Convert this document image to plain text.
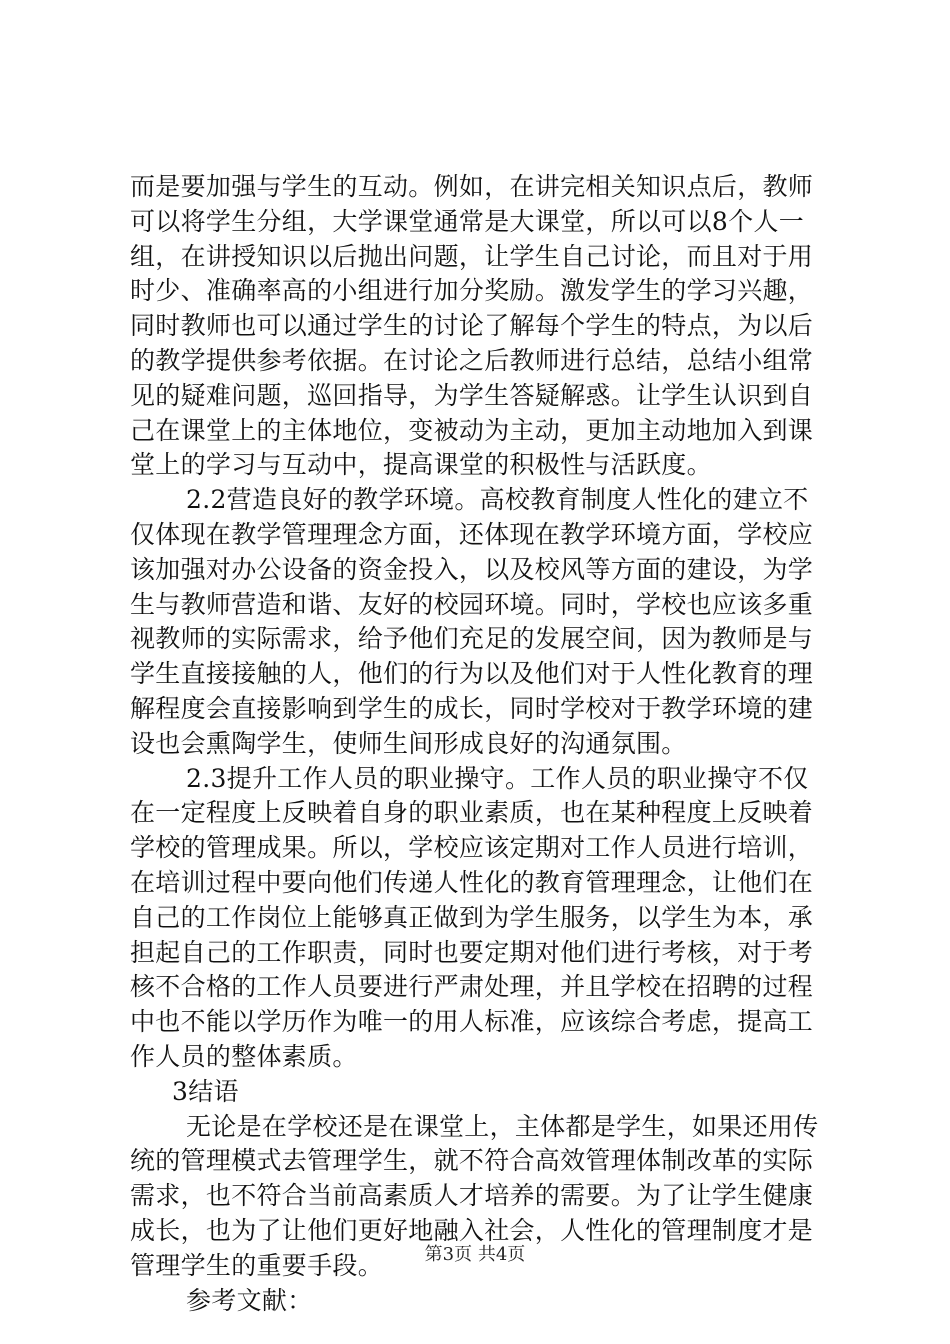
而是要加强与学生的互动。例如，在讲完相关知识点后，教师
可以将学生分组，大学课堂通常是大课堂，所以可以8个人一
组，在讲授知识以后抛出问题，让学生自己讨论，而且对于用
时少、准确率高的小组进行加分奖励。激发学生的学习兴趣，
同时教师也可以通过学生的讨论了解每个学生的特点，为以后
的教学提供参考依据。在讨论之后教师进行总结，总结小组常
见的疑难问题，巡回指导，为学生答疑解惑。让学生认识到自
己在课堂上的主体地位，变被动为主动，更加主动地加入到课
堂上的学习与互动中，提高课堂的积极性与活跃度。
2.2营造良好的教学环境。高校教育制度人性化的建立不
仅体现在教学管理理念方面，还体现在教学环境方面，学校应
该加强对办公设备的资金投入，以及校风等方面的建设，为学
生与教师营造和谐、友好的校园环境。同时，学校也应该多重
视教师的实际需求，给予他们充足的发展空间，因为教师是与
学生直接接触的人，他们的行为以及他们对于人性化教育的理
解程度会直接影响到学生的成长，同时学校对于教学环境的建
设也会熏陶学生，使师生间形成良好的沟通氛围。
2.3提升工作人员的职业操守。工作人员的职业操守不仅
在一定程度上反映着自身的职业素质，也在某种程度上反映着
学校的管理成果。所以，学校应该定期对工作人员进行培训，
在培训过程中要向他们传递人性化的教育管理理念，让他们在
自己的工作岗位上能够真正做到为学生服务，以学生为本，承
担起自己的工作职责，同时也要定期对他们进行考核，对于考
核不合格的工作人员要进行严肃处理，并且学校在招聘的过程
中也不能以学历作为唯一的用人标准，应该综合考虑，提高工
作人员的整体素质。
3结语
无论是在学校还是在课堂上，主体都是学生，如果还用传
统的管理模式去管理学生，就不符合高效管理体制改革的实际
需求，也不符合当前高素质人才培养的需要。为了让学生健康
成长，也为了让他们更好地融入社会，人性化的管理制度才是
管理学生的重要手段。
参考文献：
第3页 共4页
